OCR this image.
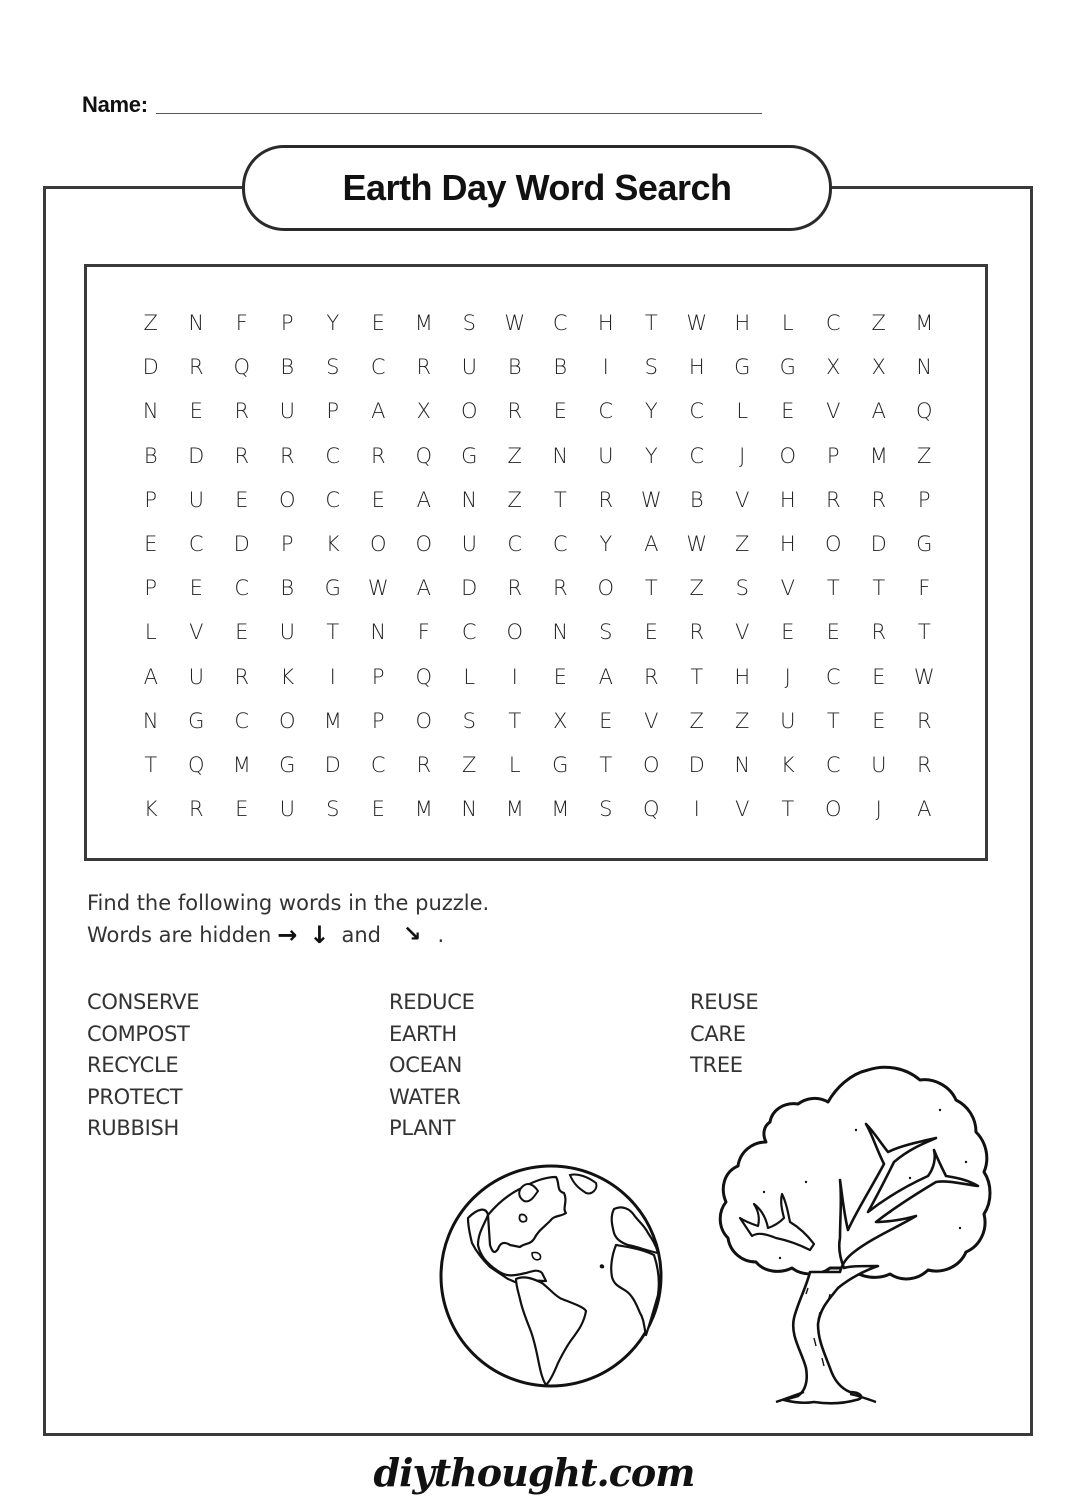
Name:
Earth Day Word Search
Z	N	F	P	Y	E	M	S	W	C	H	T	W	H	L	C	Z	M
D	R	Q	B	S	C	R	U	B	B	I	S	H	G	G	X	X	N
N	E	R	U	P	A	X	O	R	E	C	Y	C	L	E	V	A	Q
B	D	R	R	C	R	Q	G	Z	N	U	Y	C	J	O	P	M	Z
P	U	E	O	C	E	A	N	Z	T	R	W	B	V	H	R	R	P
E	C	D	P	K	O	O	U	C	C	Y	A	W	Z	H	O	D	G
P	E	C	B	G	W	A	D	R	R	O	T	Z	S	V	T	T	F
L	V	E	U	T	N	F	C	O	N	S	E	R	V	E	E	R	T
A	U	R	K	I	P	Q	L	I	E	A	R	T	H	J	C	E	W
N	G	C	O	M	P	O	S	T	X	E	V	Z	Z	U	T	E	R
T	Q	M	G	D	C	R	Z	L	G	T	O	D	N	K	C	U	R
K	R	E	U	S	E	M	N	M	M	S	Q	I	V	T	O	J	A
Find the following words in the puzzle.
Words are hidden → ↓ and ↘ .
CONSERVE
COMPOST
RECYCLE
PROTECT
RUBBISH
REDUCE
EARTH
OCEAN
WATER
PLANT
REUSE
CARE
TREE
diythought.com
